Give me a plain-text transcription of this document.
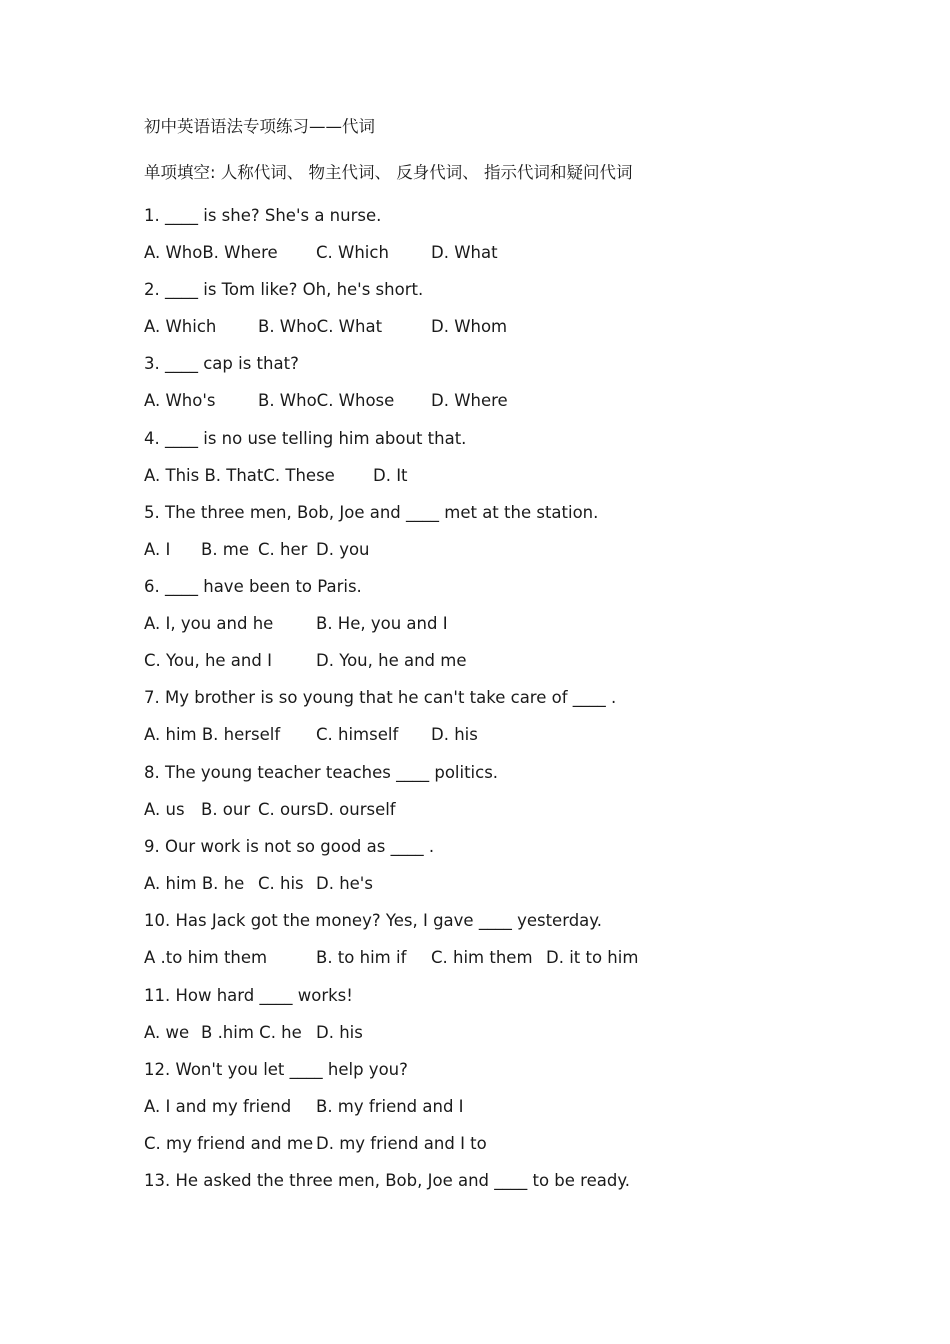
初中英语语法专项练习——代词
单项填空: 人称代词、 物主代词、 反身代词、 指示代词和疑问代词
1. ____ is she? She's a nurse.

A. WhoB. Where

C. Which

	D. What

2. ____ is Tom like? Oh, he's short.

A. Which

	B. WhoC. What

	D. Whom

3. ____ cap is that?

A. Who's

	B. WhoC. Whose

D. Where

4. ____ is no use telling him about that.

A. This B. ThatC. These

D. It

5. The three men, Bob, Joe and ____ met at the station.

A. I

B. me

C. her

D. you

6. ____ have been to Paris.

A. I, you and he

	B. He, you and I

C. You, he and I

	D. You, he and me

7. My brother is so young that he can't take care of ____ .

A. him B. herself

C. himself

D. his

8. The young teacher teaches ____ politics.

A. us

B. our

C. oursD. ourself

9. Our work is not so good as ____ .

A. him B. he

C. his

D. he's

10. Has Jack got the money? Yes, I gave ____ yesterday.

A .to him them

	B. to him if

C. him them

D. it to him

11. How hard ____ works!

A. we

B .him C. he

D. his

12. Won't you let ____ help you?

A. I and my friend

B. my friend and I

C. my friend and me

D. my friend and I to

13. He asked the three men, Bob, Joe and ____ to be ready.
